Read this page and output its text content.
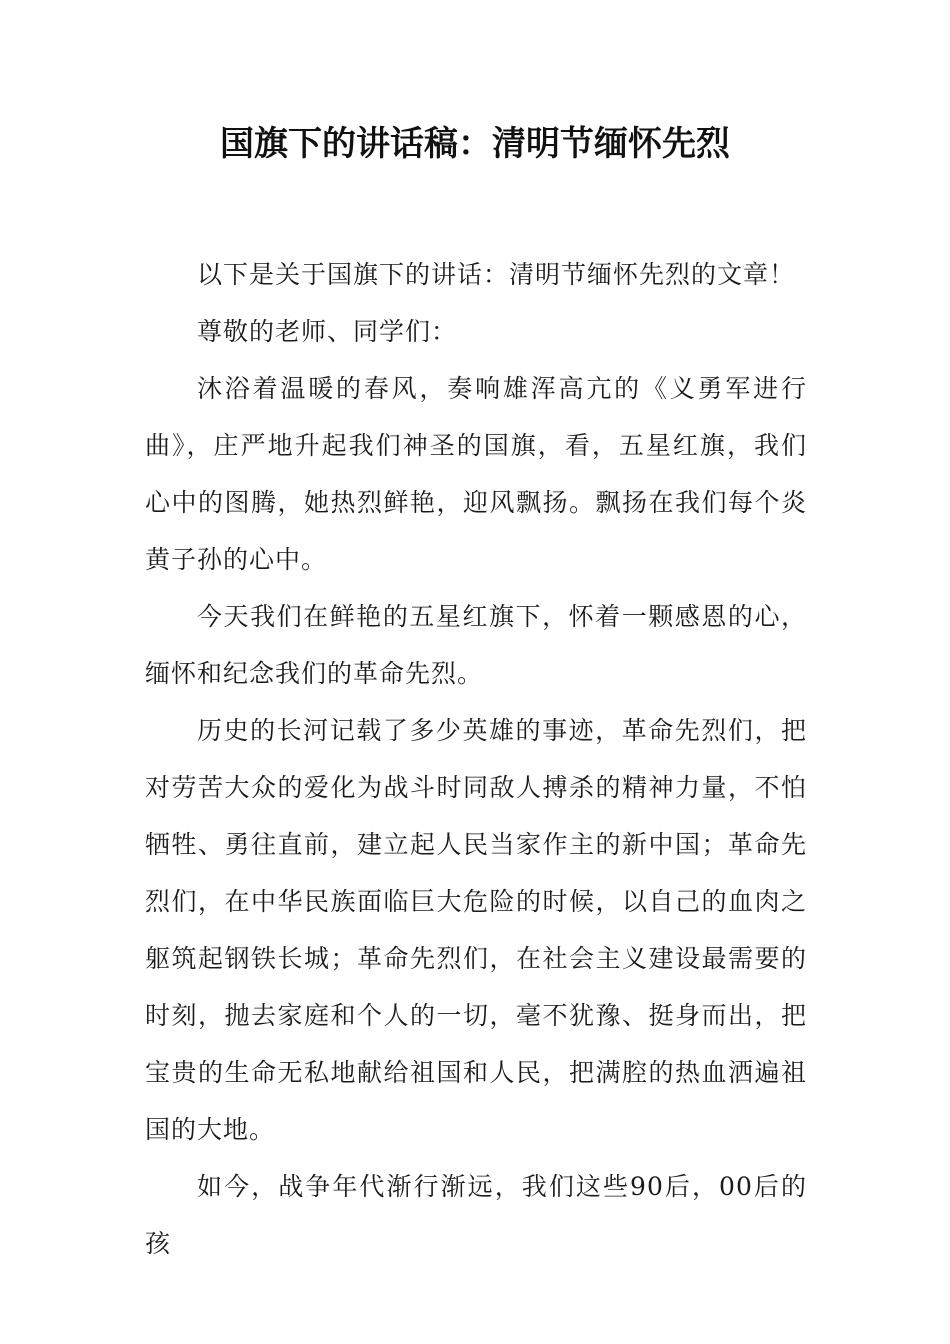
国旗下的讲话稿：清明节缅怀先烈

以下是关于国旗下的讲话：清明节缅怀先烈的文章！

尊敬的老师、同学们：

沐浴着温暖的春风，奏响雄浑高亢的《义勇军进行曲》，庄严地升起我们神圣的国旗，看，五星红旗，我们心中的图腾，她热烈鲜艳，迎风飘扬。飘扬在我们每个炎黄子孙的心中。

今天我们在鲜艳的五星红旗下，怀着一颗感恩的心，缅怀和纪念我们的革命先烈。

历史的长河记载了多少英雄的事迹，革命先烈们，把对劳苦大众的爱化为战斗时同敌人搏杀的精神力量，不怕牺牲、勇往直前，建立起人民当家作主的新中国；革命先烈们，在中华民族面临巨大危险的时候，以自己的血肉之躯筑起钢铁长城；革命先烈们，在社会主义建设最需要的时刻，抛去家庭和个人的一切，毫不犹豫、挺身而出，把宝贵的生命无私地献给祖国和人民，把满腔的热血洒遍祖国的大地。

如今，战争年代渐行渐远，我们这些90后，00后的孩
